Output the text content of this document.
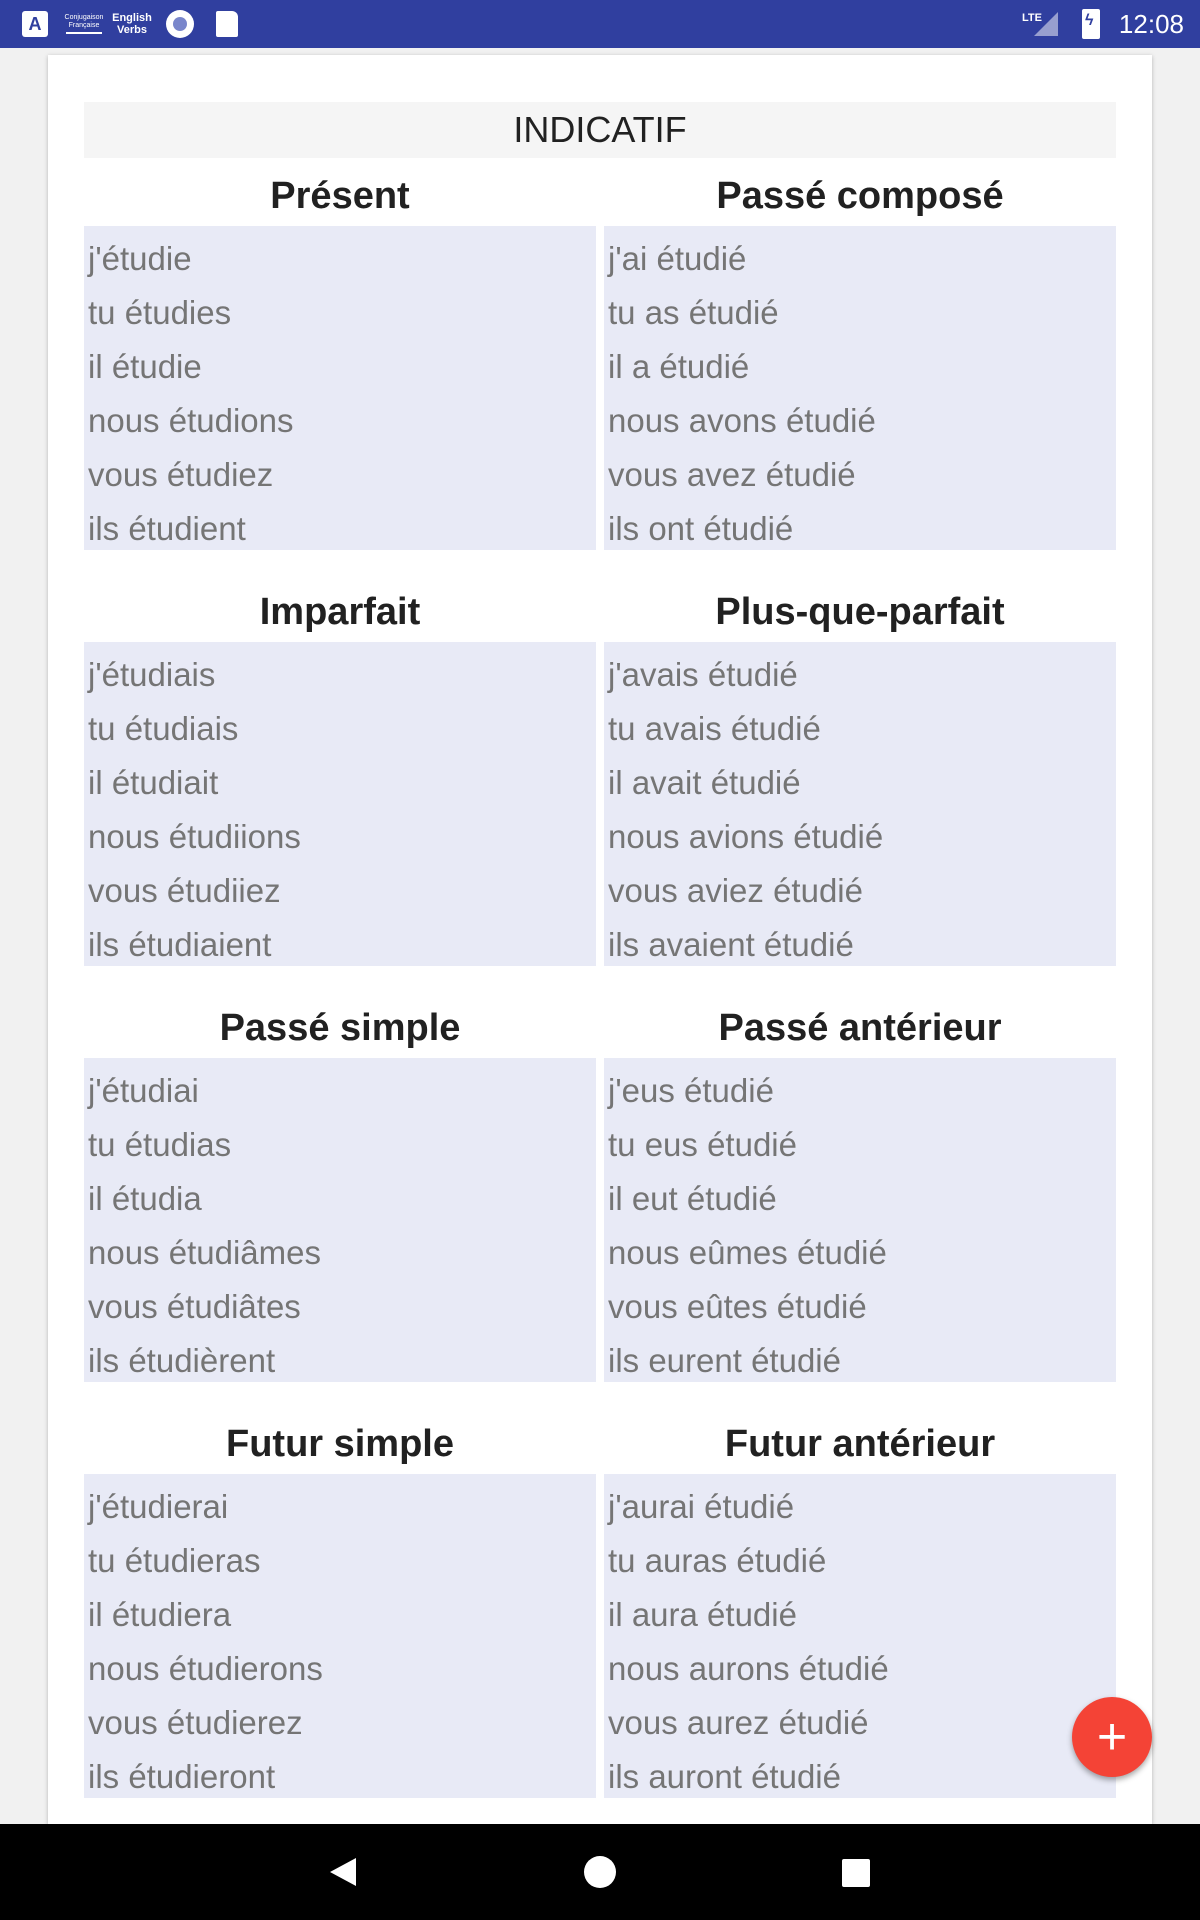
A	Conjugaison Française
English
Verbs
LTE
ϟ	12:08
INDICATIF
Présent
j'étudie
tu étudies
il étudie
nous étudions
vous étudiez
ils étudient
Passé composé
j'ai étudié
tu as étudié
il a étudié
nous avons étudié
vous avez étudié
ils ont étudié
Imparfait
j'étudiais
tu étudiais
il étudiait
nous étudiions
vous étudiiez
ils étudiaient
Plus-que-parfait
j'avais étudié
tu avais étudié
il avait étudié
nous avions étudié
vous aviez étudié
ils avaient étudié
Passé simple
j'étudiai
tu étudias
il étudia
nous étudiâmes
vous étudiâtes
ils étudièrent
Passé antérieur
j'eus étudié
tu eus étudié
il eut étudié
nous eûmes étudié
vous eûtes étudié
ils eurent étudié
Futur simple
j'étudierai
tu étudieras
il étudiera
nous étudierons
vous étudierez
ils étudieront
Futur antérieur
j'aurai étudié
tu auras étudié
il aura étudié
nous aurons étudié
vous aurez étudié
ils auront étudié
+
